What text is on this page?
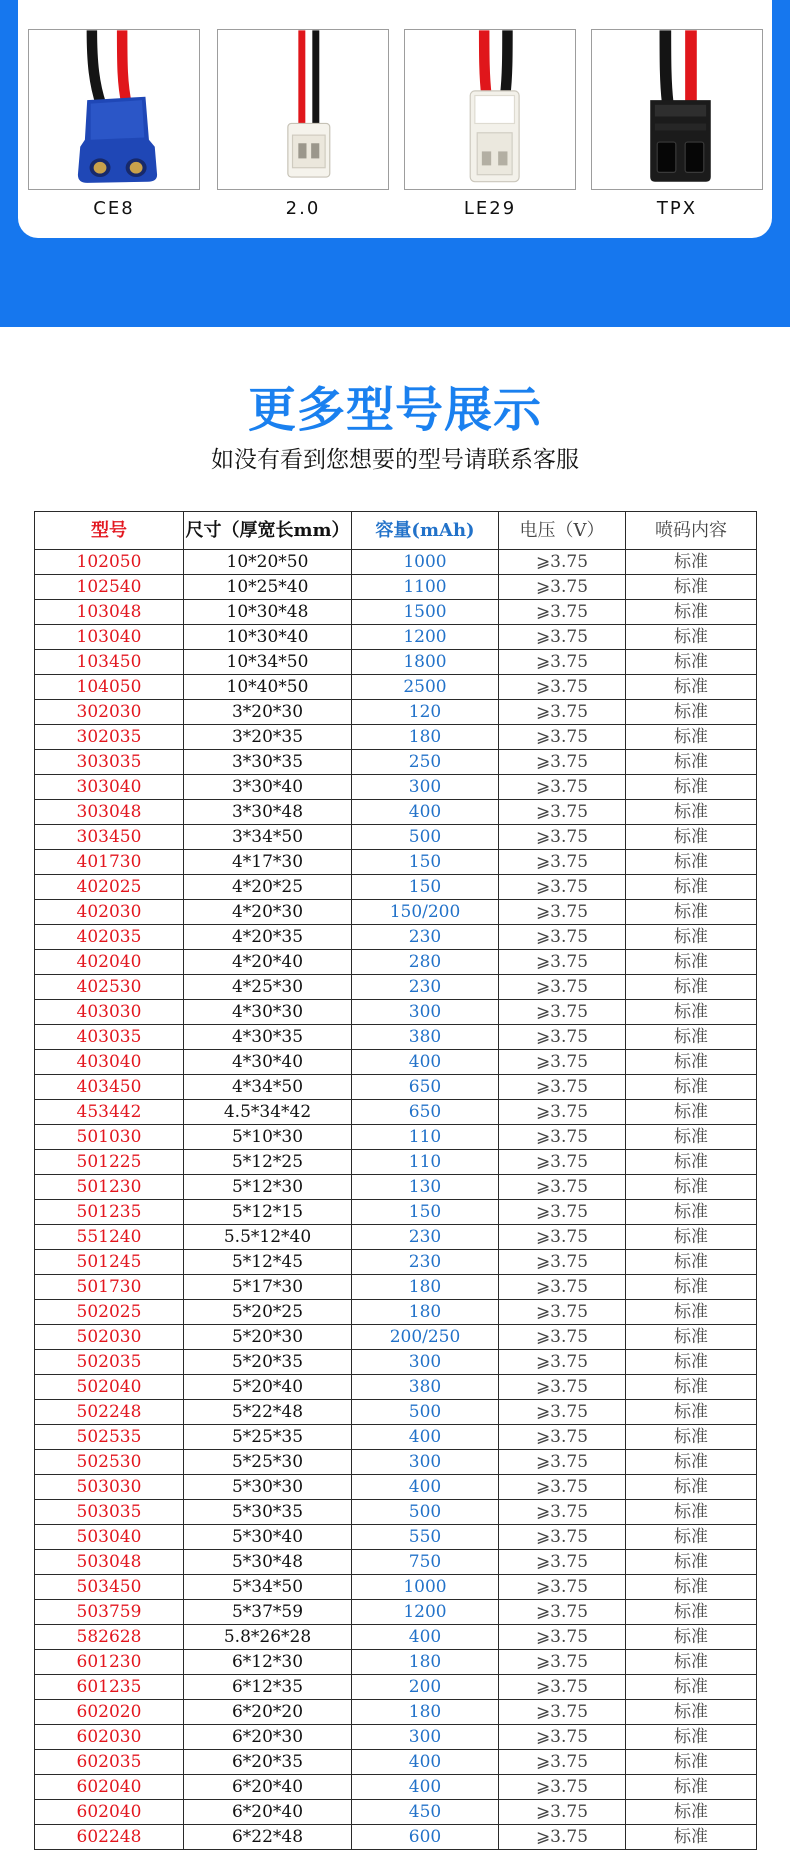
CE8	2.0	LE29	TPX
更多型号展示
如没有看到您想要的型号请联系客服
型号	尺寸（厚宽长mm）	容量(mAh)	电压（V）	喷码内容
102050	10*20*50	1000	⩾3.75	标准
102540	10*25*40	1100	⩾3.75	标准
103048	10*30*48	1500	⩾3.75	标准
103040	10*30*40	1200	⩾3.75	标准
103450	10*34*50	1800	⩾3.75	标准
104050	10*40*50	2500	⩾3.75	标准
302030	3*20*30	120	⩾3.75	标准
302035	3*20*35	180	⩾3.75	标准
303035	3*30*35	250	⩾3.75	标准
303040	3*30*40	300	⩾3.75	标准
303048	3*30*48	400	⩾3.75	标准
303450	3*34*50	500	⩾3.75	标准
401730	4*17*30	150	⩾3.75	标准
402025	4*20*25	150	⩾3.75	标准
402030	4*20*30	150/200	⩾3.75	标准
402035	4*20*35	230	⩾3.75	标准
402040	4*20*40	280	⩾3.75	标准
402530	4*25*30	230	⩾3.75	标准
403030	4*30*30	300	⩾3.75	标准
403035	4*30*35	380	⩾3.75	标准
403040	4*30*40	400	⩾3.75	标准
403450	4*34*50	650	⩾3.75	标准
453442	4.5*34*42	650	⩾3.75	标准
501030	5*10*30	110	⩾3.75	标准
501225	5*12*25	110	⩾3.75	标准
501230	5*12*30	130	⩾3.75	标准
501235	5*12*15	150	⩾3.75	标准
551240	5.5*12*40	230	⩾3.75	标准
501245	5*12*45	230	⩾3.75	标准
501730	5*17*30	180	⩾3.75	标准
502025	5*20*25	180	⩾3.75	标准
502030	5*20*30	200/250	⩾3.75	标准
502035	5*20*35	300	⩾3.75	标准
502040	5*20*40	380	⩾3.75	标准
502248	5*22*48	500	⩾3.75	标准
502535	5*25*35	400	⩾3.75	标准
502530	5*25*30	300	⩾3.75	标准
503030	5*30*30	400	⩾3.75	标准
503035	5*30*35	500	⩾3.75	标准
503040	5*30*40	550	⩾3.75	标准
503048	5*30*48	750	⩾3.75	标准
503450	5*34*50	1000	⩾3.75	标准
503759	5*37*59	1200	⩾3.75	标准
582628	5.8*26*28	400	⩾3.75	标准
601230	6*12*30	180	⩾3.75	标准
601235	6*12*35	200	⩾3.75	标准
602020	6*20*20	180	⩾3.75	标准
602030	6*20*30	300	⩾3.75	标准
602035	6*20*35	400	⩾3.75	标准
602040	6*20*40	400	⩾3.75	标准
602040	6*20*40	450	⩾3.75	标准
602248	6*22*48	600	⩾3.75	标准
